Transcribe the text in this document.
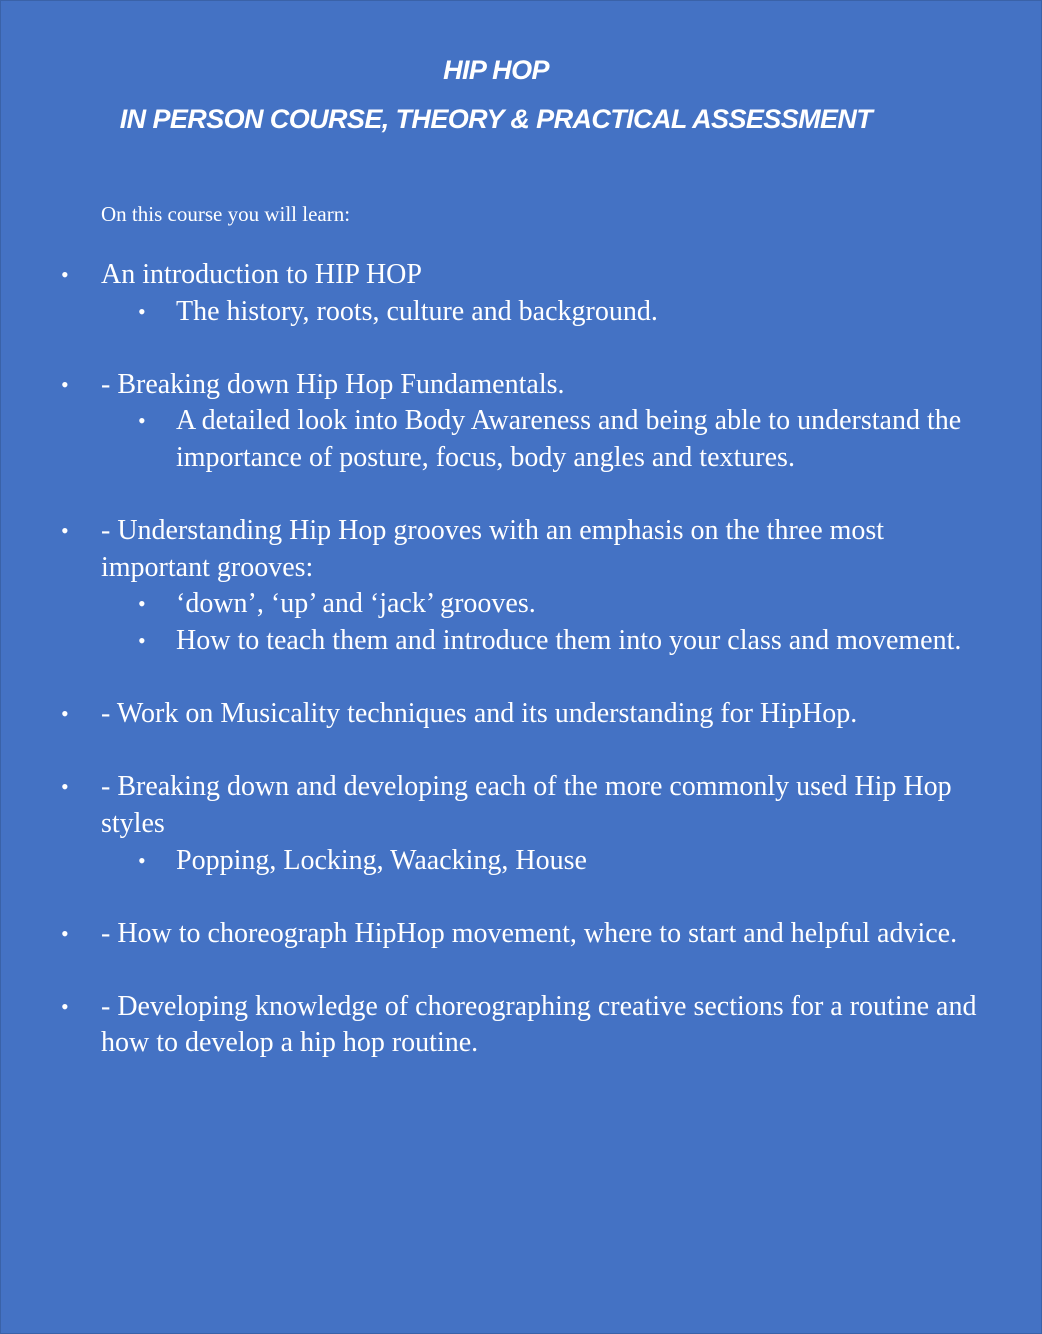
HIP HOP
IN PERSON COURSE, THEORY & PRACTICAL ASSESSMENT

On this course you will learn:

• An introduction to HIP HOP
• The history, roots, culture and background.
• - Breaking down Hip Hop Fundamentals.
• A detailed look into Body Awareness and being able to understand the importance of posture, focus, body angles and textures.
• - Understanding Hip Hop grooves with an emphasis on the three most important grooves:
• ‘down’, ‘up’ and ‘jack’ grooves.
• How to teach them and introduce them into your class and movement.
• - Work on Musicality techniques and its understanding for HipHop.
• - Breaking down and developing each of the more commonly used Hip Hop styles
• Popping, Locking, Waacking, House
• - How to choreograph HipHop movement, where to start and helpful advice.
• - Developing knowledge of choreographing creative sections for a routine and how to develop a hip hop routine.
